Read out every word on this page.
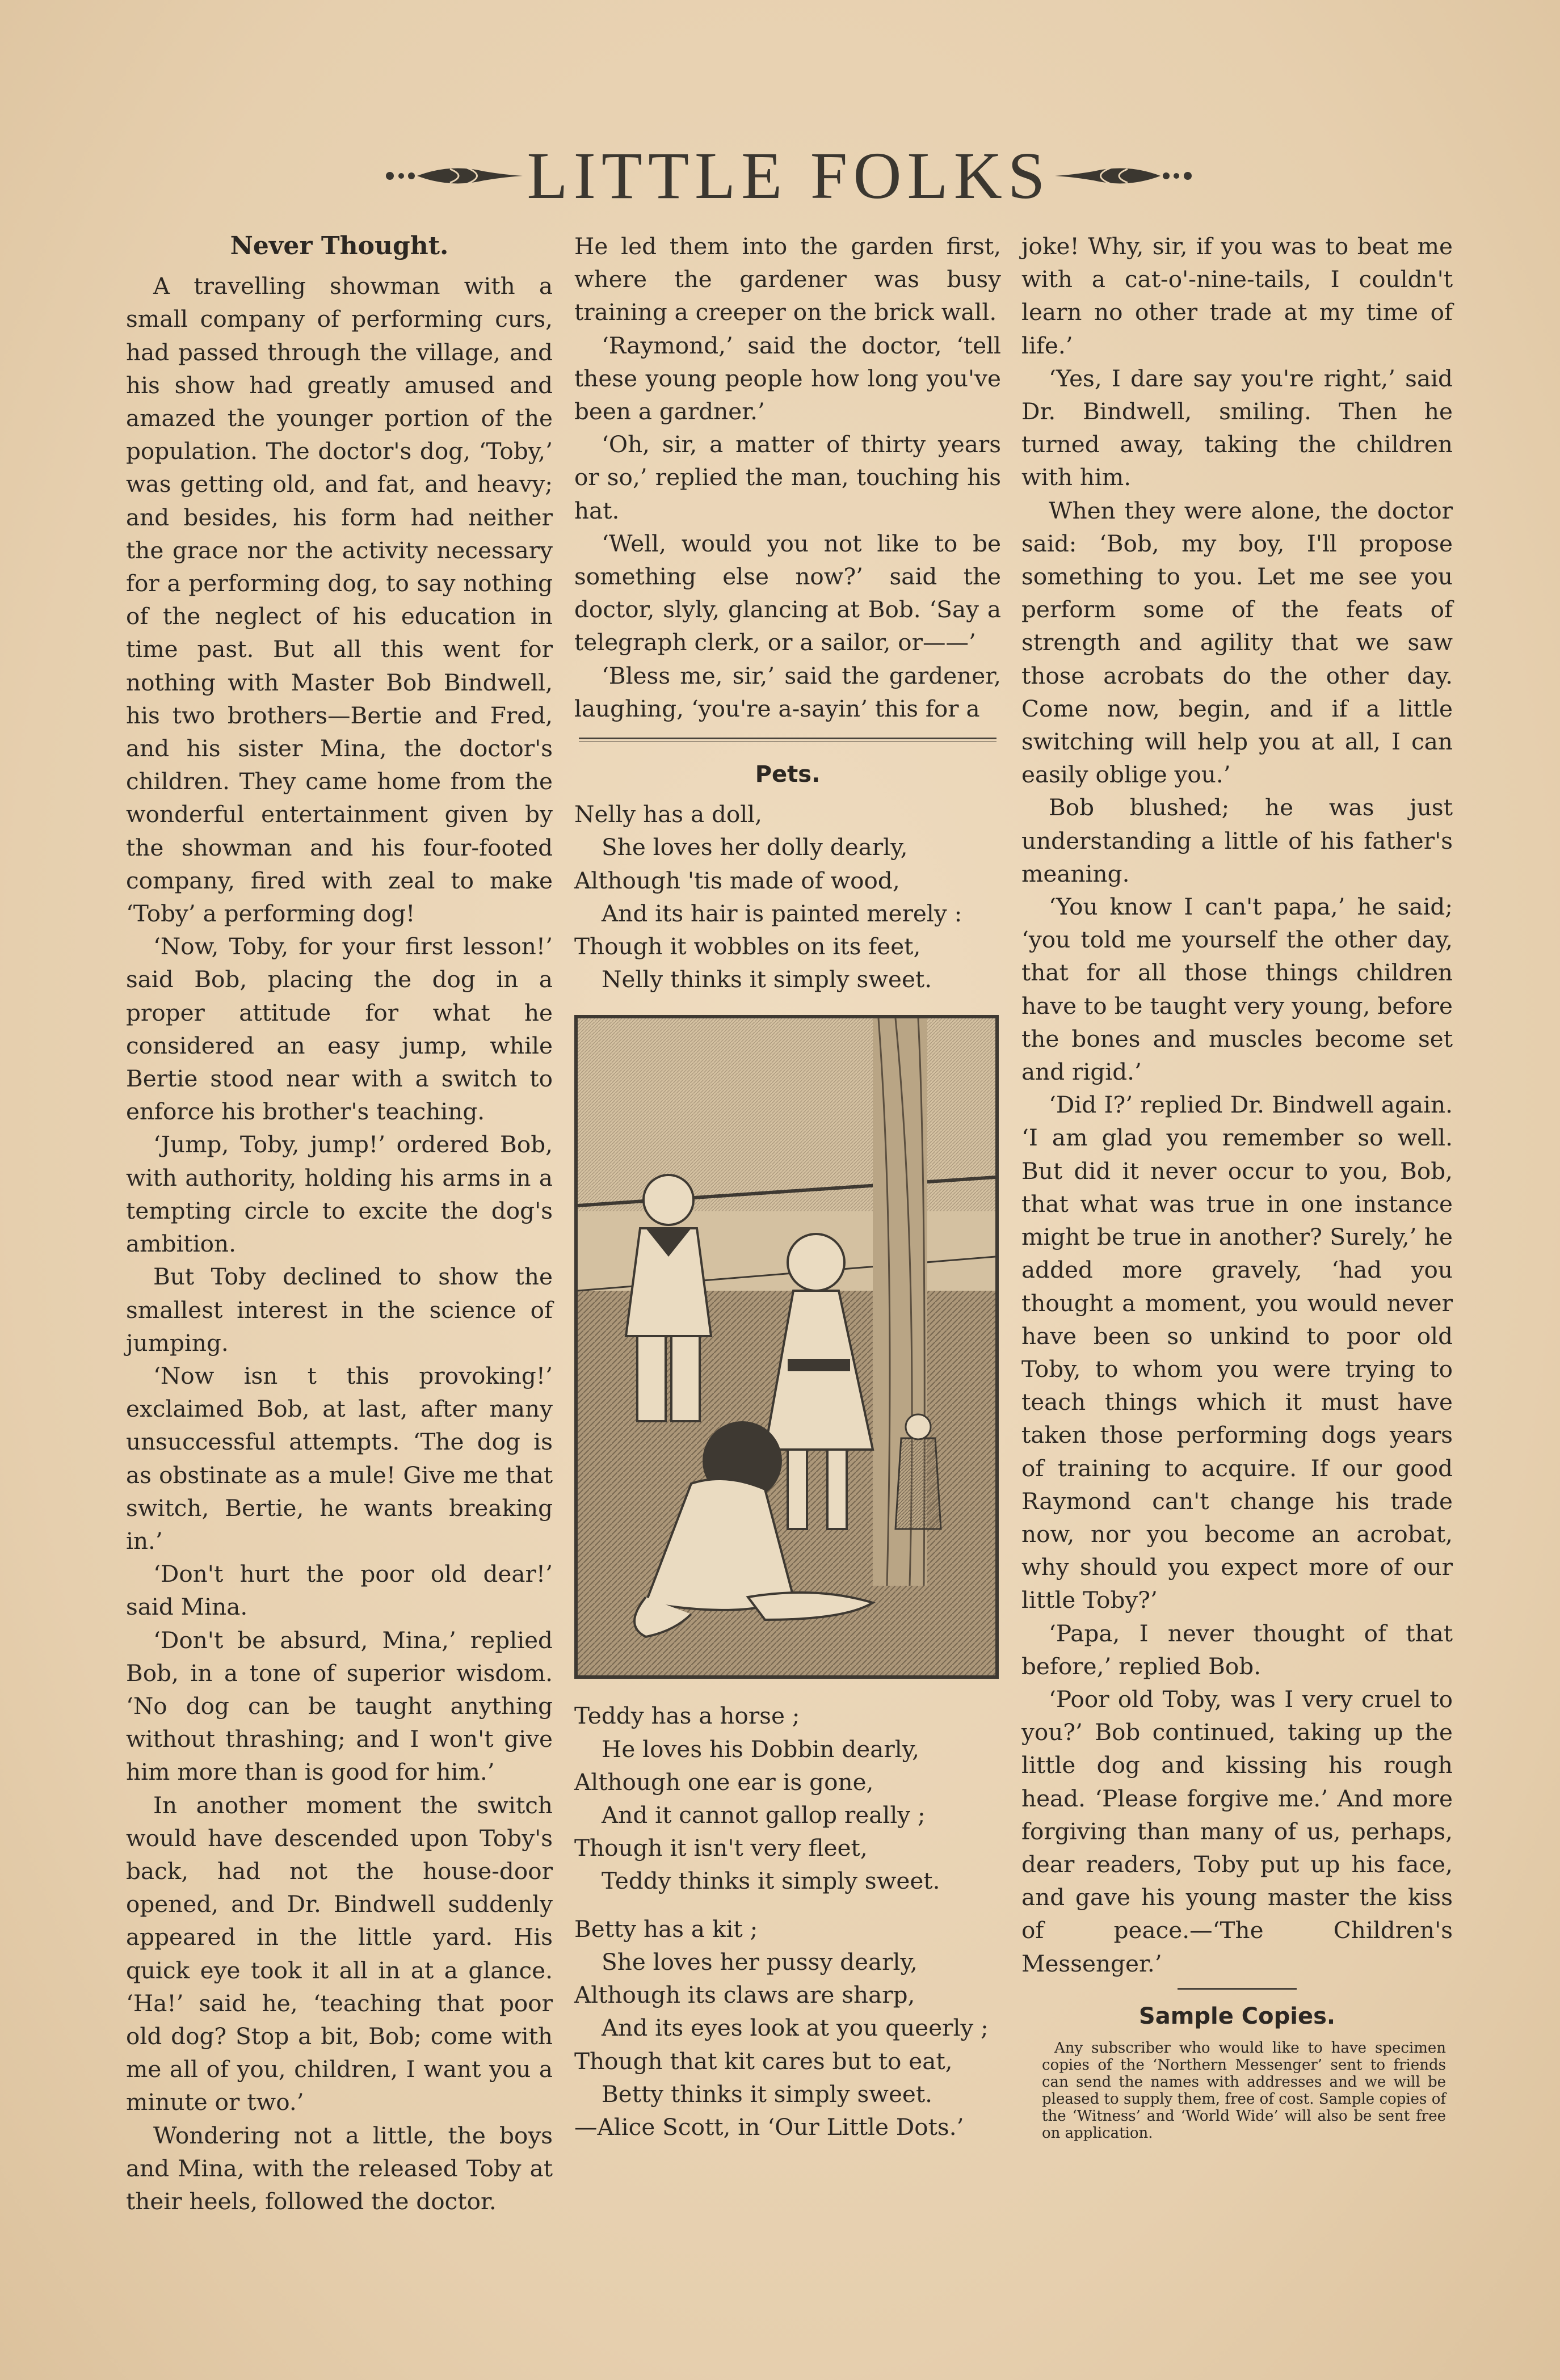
LITTLE FOLKS
Never Thought.

A travelling showman with a small company of performing curs, had passed through the village, and his show had greatly amused and amazed the younger portion of the population. The doctor's dog, ‘Toby,’ was getting old, and fat, and heavy; and besides, his form had neither the grace nor the activity necessary for a performing dog, to say nothing of the neglect of his education in time past. But all this went for nothing with Master Bob Bindwell, his two brothers—Bertie and Fred, and his sister Mina, the doctor's children. They came home from the wonderful entertainment given by the showman and his four-footed company, fired with zeal to make ‘Toby’ a performing dog!

‘Now, Toby, for your first lesson!’ said Bob, placing the dog in a proper attitude for what he considered an easy jump, while Bertie stood near with a switch to enforce his brother's teaching.

‘Jump, Toby, jump!’ ordered Bob, with authority, holding his arms in a tempting circle to excite the dog's ambition.

But Toby declined to show the smallest interest in the science of jumping.

‘Now isn t this provoking!’ exclaimed Bob, at last, after many unsuccessful attempts. ‘The dog is as obstinate as a mule! Give me that switch, Bertie, he wants breaking in.’

‘Don't hurt the poor old dear!’ said Mina.

‘Don't be absurd, Mina,’ replied Bob, in a tone of superior wisdom. ‘No dog can be taught anything without thrashing; and I won't give him more than is good for him.’

In another moment the switch would have descended upon Toby's back, had not the house-door opened, and Dr. Bindwell suddenly appeared in the little yard. His quick eye took it all in at a glance. ‘Ha!’ said he, ‘teaching that poor old dog? Stop a bit, Bob; come with me all of you, children, I want you a minute or two.’

Wondering not a little, the boys and Mina, with the released Toby at their heels, followed the doctor.

He led them into the garden first, where the gardener was busy training a creeper on the brick wall.

‘Raymond,’ said the doctor, ‘tell these young people how long you've been a gardner.’

‘Oh, sir, a matter of thirty years or so,’ replied the man, touching his hat.

‘Well, would you not like to be something else now?’ said the doctor, slyly, glancing at Bob. ‘Say a telegraph clerk, or a sailor, or——’

‘Bless me, sir,’ said the gardener, laughing, ‘you're a-sayin’ this for a

Pets.

Nelly has a doll,

She loves her dolly dearly,

Although 'tis made of wood,

And its hair is painted merely :

Though it wobbles on its feet,

Nelly thinks it simply sweet.

Teddy has a horse ;

He loves his Dobbin dearly,

Although one ear is gone,

And it cannot gallop really ;

Though it isn't very fleet,

Teddy thinks it simply sweet.

Betty has a kit ;

She loves her pussy dearly,

Although its claws are sharp,

And its eyes look at you queerly ;

Though that kit cares but to eat,

Betty thinks it simply sweet.

—Alice Scott, in ‘Our Little Dots.’

joke! Why, sir, if you was to beat me with a cat-o'-nine-tails, I couldn't learn no other trade at my time of life.’

‘Yes, I dare say you're right,’ said Dr. Bindwell, smiling. Then he turned away, taking the children with him.

When they were alone, the doctor said: ‘Bob, my boy, I'll propose something to you. Let me see you perform some of the feats of strength and agility that we saw those acrobats do the other day. Come now, begin, and if a little switching will help you at all, I can easily oblige you.’

Bob blushed; he was just understanding a little of his father's meaning.

‘You know I can't papa,’ he said; ‘you told me yourself the other day, that for all those things children have to be taught very young, before the bones and muscles become set and rigid.’

‘Did I?’ replied Dr. Bindwell again. ‘I am glad you remember so well. But did it never occur to you, Bob, that what was true in one instance might be true in another? Surely,’ he added more gravely, ‘had you thought a moment, you would never have been so unkind to poor old Toby, to whom you were trying to teach things which it must have taken those performing dogs years of training to acquire. If our good Raymond can't change his trade now, nor you become an acrobat, why should you expect more of our little Toby?’

‘Papa, I never thought of that before,’ replied Bob.

‘Poor old Toby, was I very cruel to you?’ Bob continued, taking up the little dog and kissing his rough head. ‘Please forgive me.’ And more forgiving than many of us, perhaps, dear readers, Toby put up his face, and gave his young master the kiss of peace.—‘The Children's Messenger.’

Sample Copies.

Any subscriber who would like to have specimen copies of the ‘Northern Messenger’ sent to friends can send the names with addresses and we will be pleased to supply them, free of cost. Sample copies of the ‘Witness’ and ‘World Wide’ will also be sent free on application.
